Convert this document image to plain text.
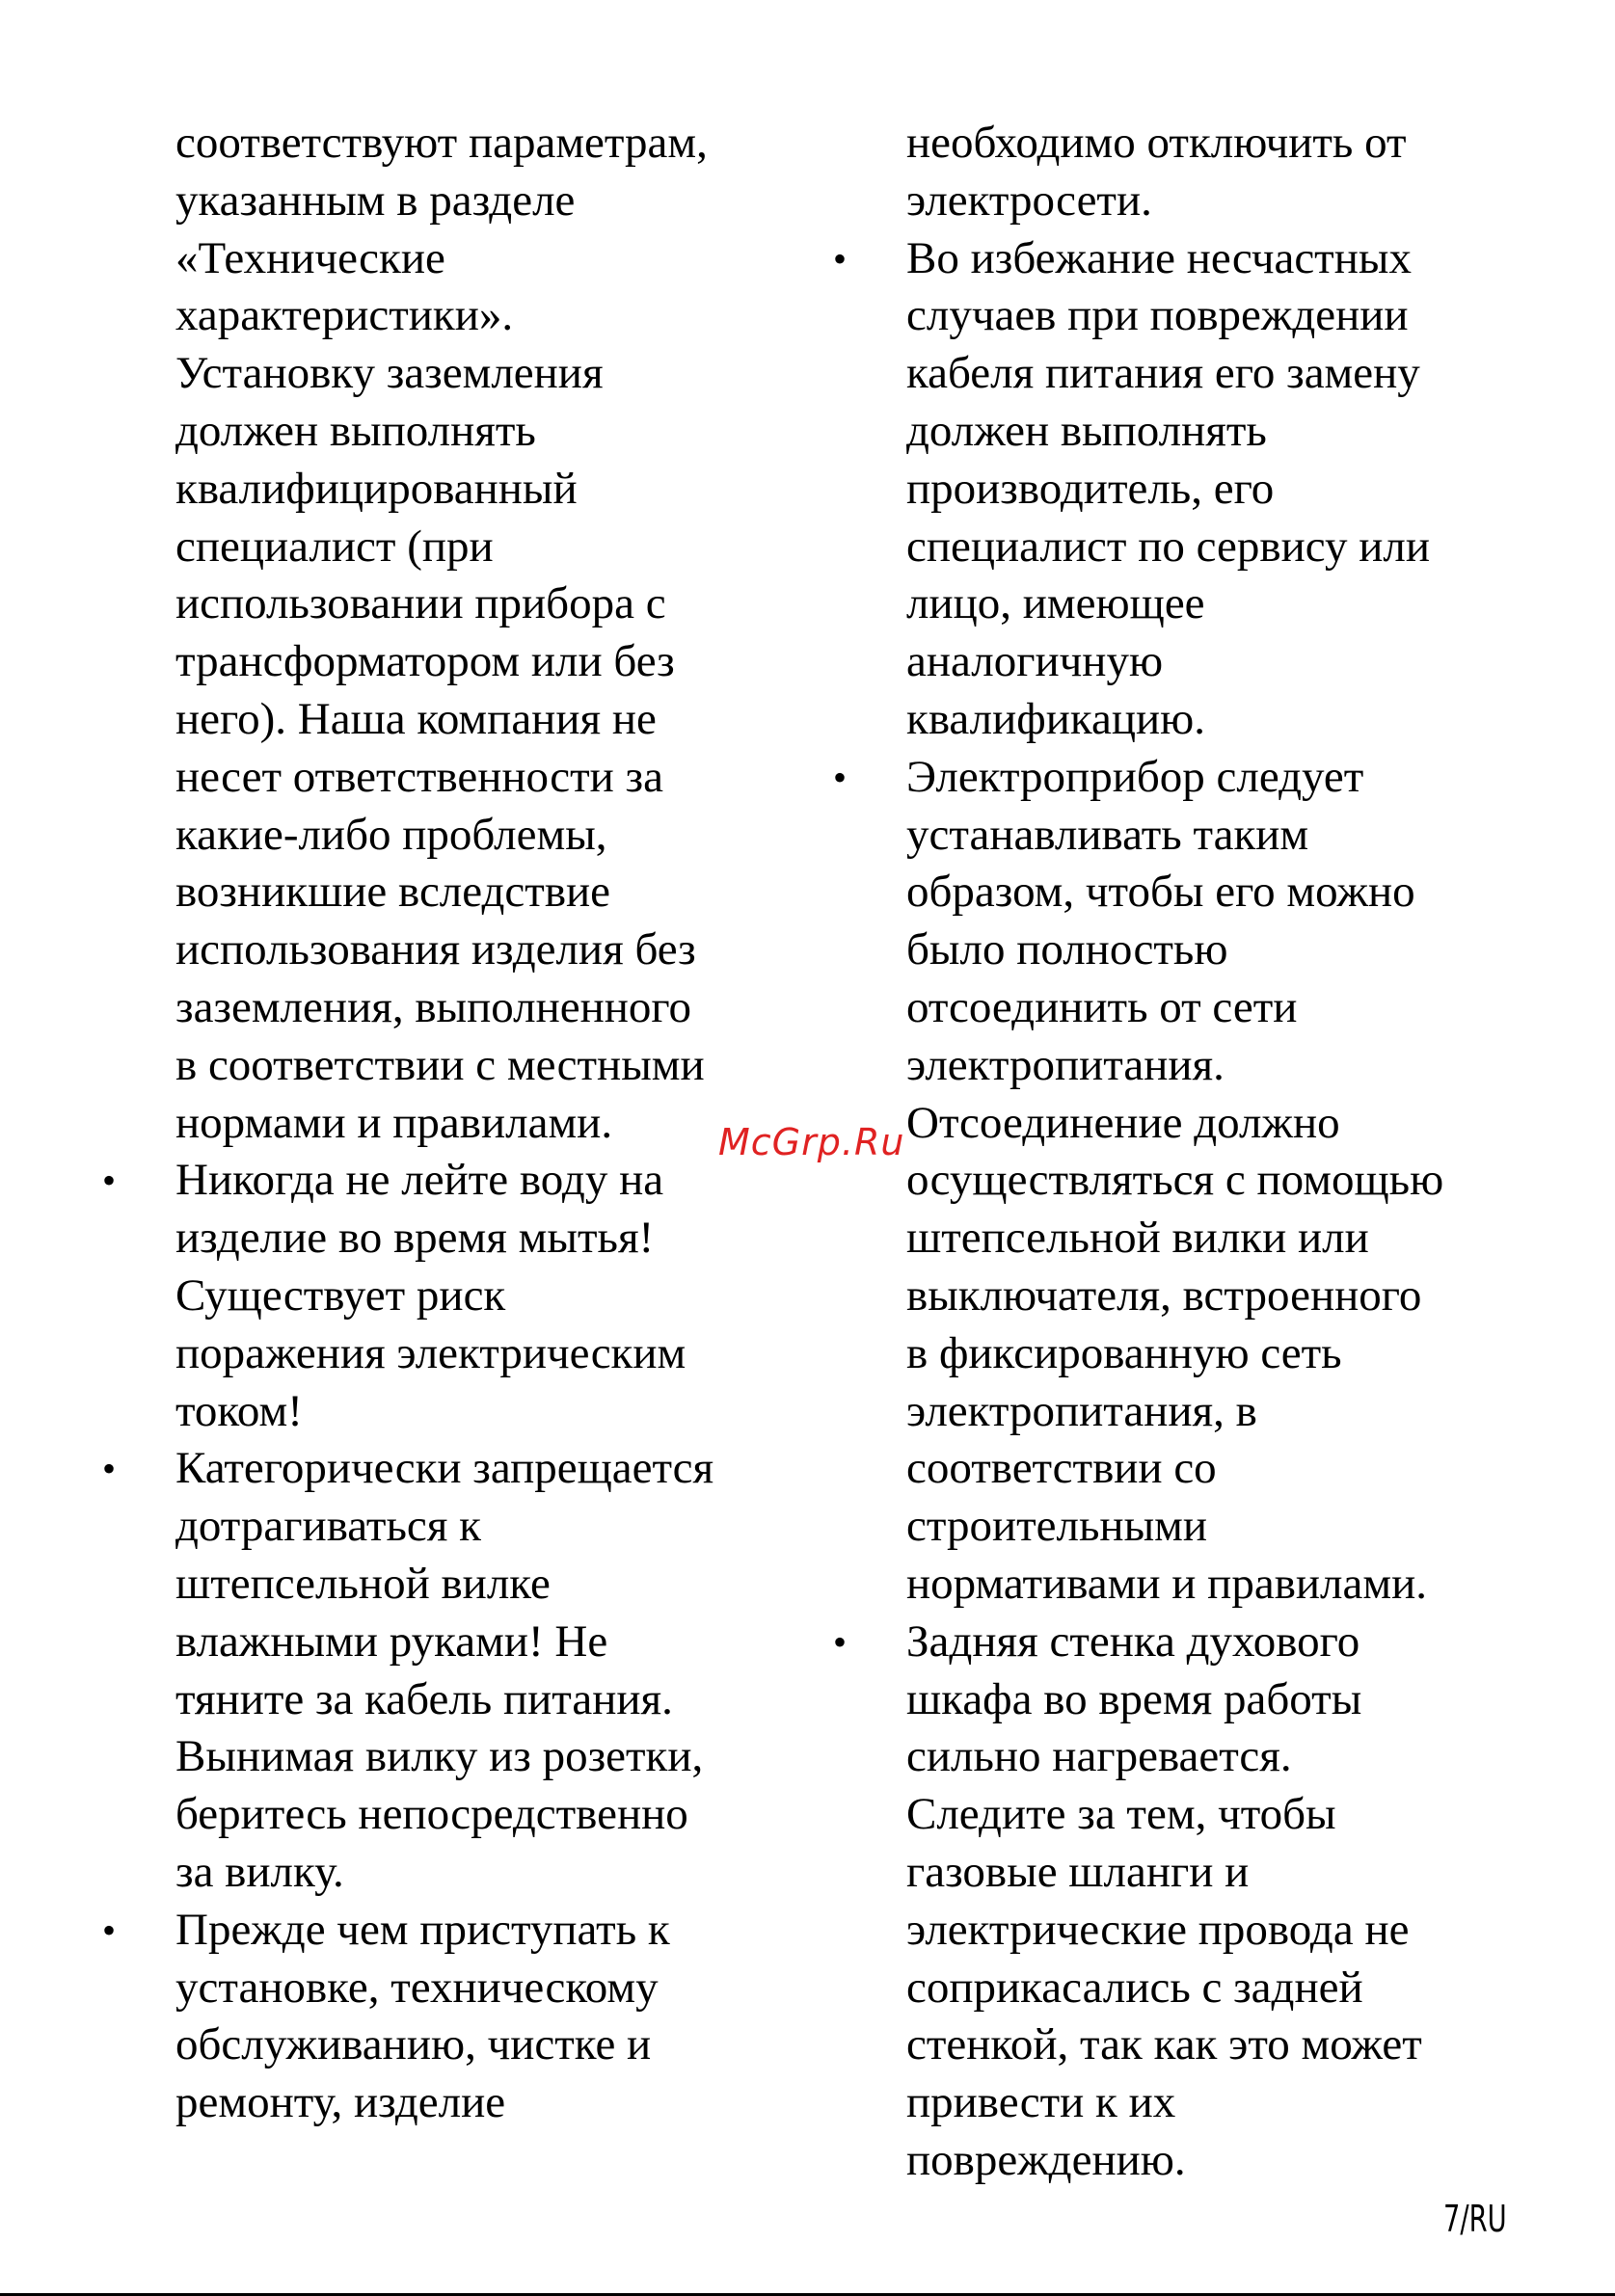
соответствуют параметрам,
указанным в разделе
«Технические
характеристики».
Установку заземления
должен выполнять
квалифицированный
специалист (при
использовании прибора с
трансформатором или без
него). Наша компания не
несет ответственности за
какие-либо проблемы,
возникшие вследствие
использования изделия без
заземления, выполненного
в соответствии с местными
нормами и правилами.
Никогда не лейте воду на
•
изделие во время мытья!
Существует риск
поражения электрическим
током!
Категорически запрещается
•
дотрагиваться к
штепсельной вилке
влажными руками! Не
тяните за кабель питания.
Вынимая вилку из розетки,
беритесь непосредственно
за вилку.
Прежде чем приступать к
•
установке, техническому
обслуживанию, чистке и
ремонту, изделие
необходимо отключить от
электросети.
Во избежание несчастных
•
случаев при повреждении
кабеля питания его замену
должен выполнять
производитель, его
специалист по сервису или
лицо, имеющее
аналогичную
квалификацию.
Электроприбор следует
•
устанавливать таким
образом, чтобы его можно
было полностью
отсоединить от сети
электропитания.
Отсоединение должно
осуществляться с помощью
штепсельной вилки или
выключателя, встроенного
в фиксированную сеть
электропитания, в
соответствии со
строительными
нормативами и правилами.
Задняя стенка духового
•
шкафа во время работы
сильно нагревается.
Следите за тем, чтобы
газовые шланги и
электрические провода не
соприкасались с задней
стенкой, так как это может
привести к их
повреждению.
McGrp.Ru
7/RU
